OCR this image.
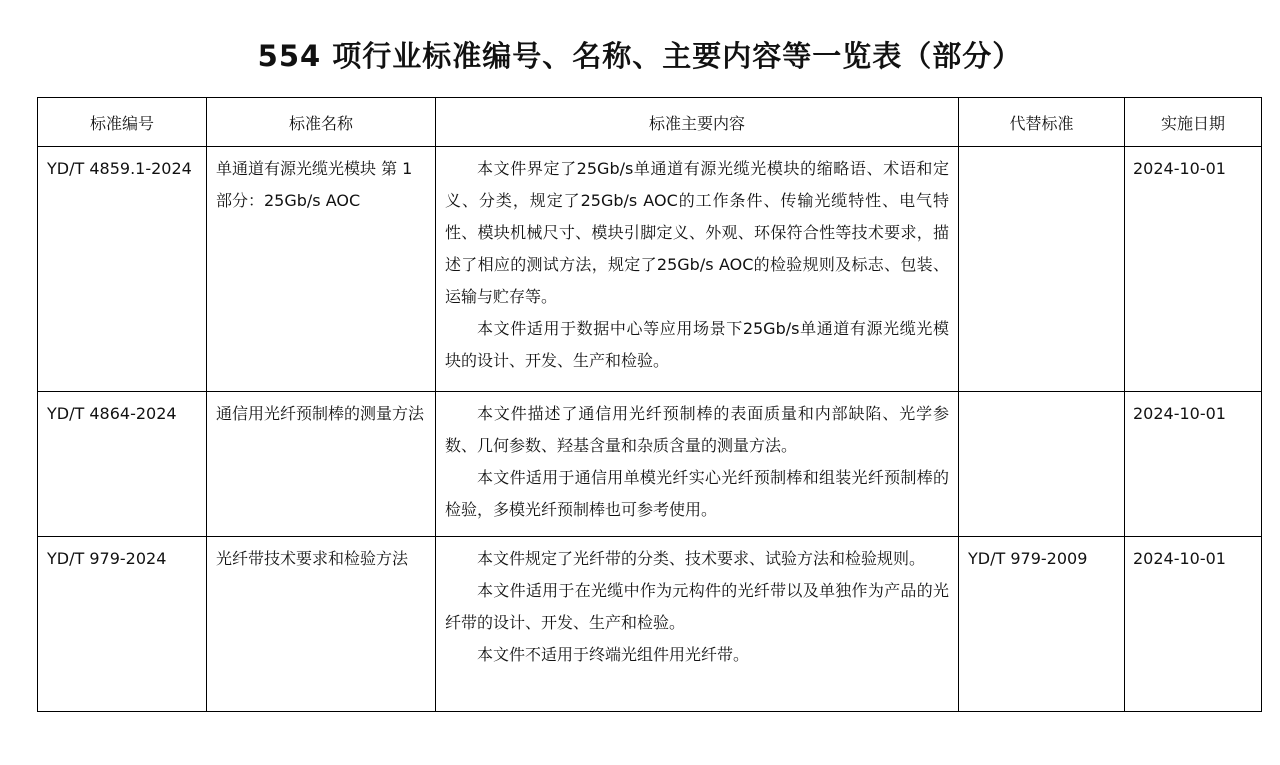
554 项行业标准编号、名称、主要内容等一览表（部分）
标准编号	标准名称	标准主要内容	代替标准	实施日期
YD/T 4859.1-2024	单通道有源光缆光模块 第 1 部分：25Gb/s AOC	本文件界定了25Gb/s单通道有源光缆光模块的缩略语、术语和定义、分类，规定了25Gb/s AOC的工作条件、传输光缆特性、电气特性、模块机械尺寸、模块引脚定义、外观、环保符合性等技术要求，描述了相应的测试方法，规定了25Gb/s AOC的检验规则及标志、包装、运输与贮存等。

本文件适用于数据中心等应用场景下25Gb/s单通道有源光缆光模块的设计、开发、生产和检验。		2024-10-01
YD/T 4864-2024	通信用光纤预制棒的测量方法	本文件描述了通信用光纤预制棒的表面质量和内部缺陷、光学参数、几何参数、羟基含量和杂质含量的测量方法。

本文件适用于通信用单模光纤实心光纤预制棒和组装光纤预制棒的检验，多模光纤预制棒也可参考使用。		2024-10-01
YD/T 979-2024	光纤带技术要求和检验方法	本文件规定了光纤带的分类、技术要求、试验方法和检验规则。

本文件适用于在光缆中作为元构件的光纤带以及单独作为产品的光纤带的设计、开发、生产和检验。

本文件不适用于终端光组件用光纤带。	YD/T 979-2009	2024-10-01
